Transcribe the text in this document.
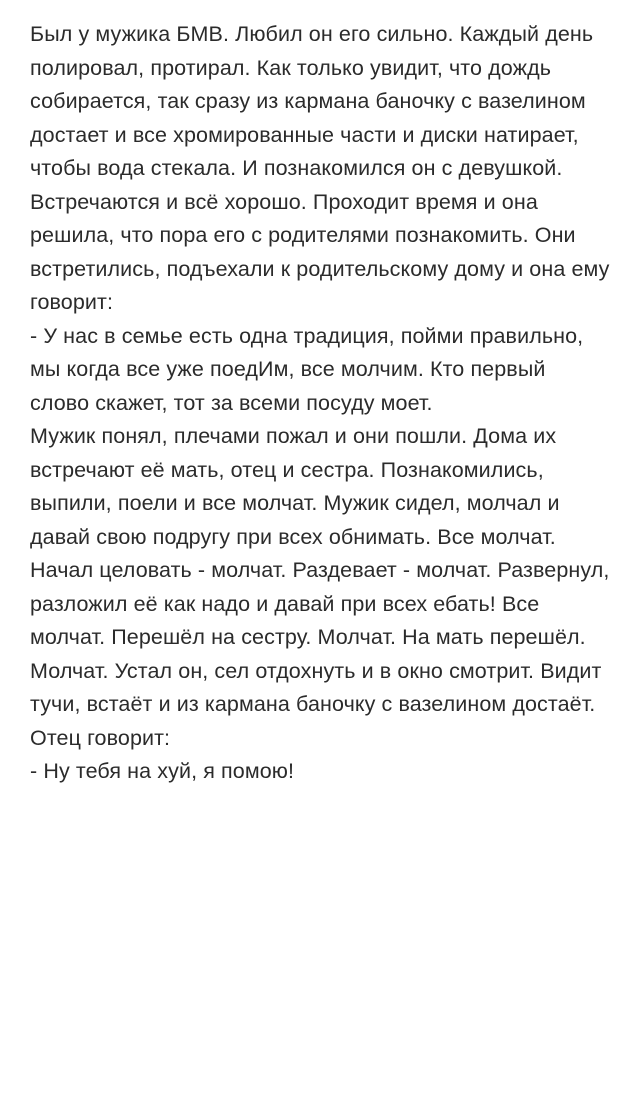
Был у мужика БМВ. Любил он его сильно. Каждый день полировал, протирал. Как только увидит, что дождь собирается, так сразу из кармана баночку с вазелином достает и все хромированные части и диски натирает, чтобы вода стекала. И познакомился он с девушкой. Встречаются и всё хорошо. Проходит время и она решила, что пора его с родителями познакомить. Они встретились, подъехали к родительскому дому и она ему говорит:

- У нас в семье есть одна традиция, пойми правильно, мы когда все уже поедИм, все молчим. Кто первый слово скажет, тот за всеми посуду моет.

Мужик понял, плечами пожал и они пошли. Дома их встречают её мать, отец и сестра. Познакомились, выпили, поели и все молчат. Мужик сидел, молчал и давай свою подругу при всех обнимать. Все молчат. Начал целовать - молчат. Раздевает - молчат. Развернул, разложил её как надо и давай при всех ебать! Все молчат. Перешёл на сестру. Молчат. На мать перешёл. Молчат. Устал он, сел отдохнуть и в окно смотрит. Видит тучи, встаёт и из кармана баночку с вазелином достаёт. Отец говорит:

- Ну тебя на хуй, я помою!
